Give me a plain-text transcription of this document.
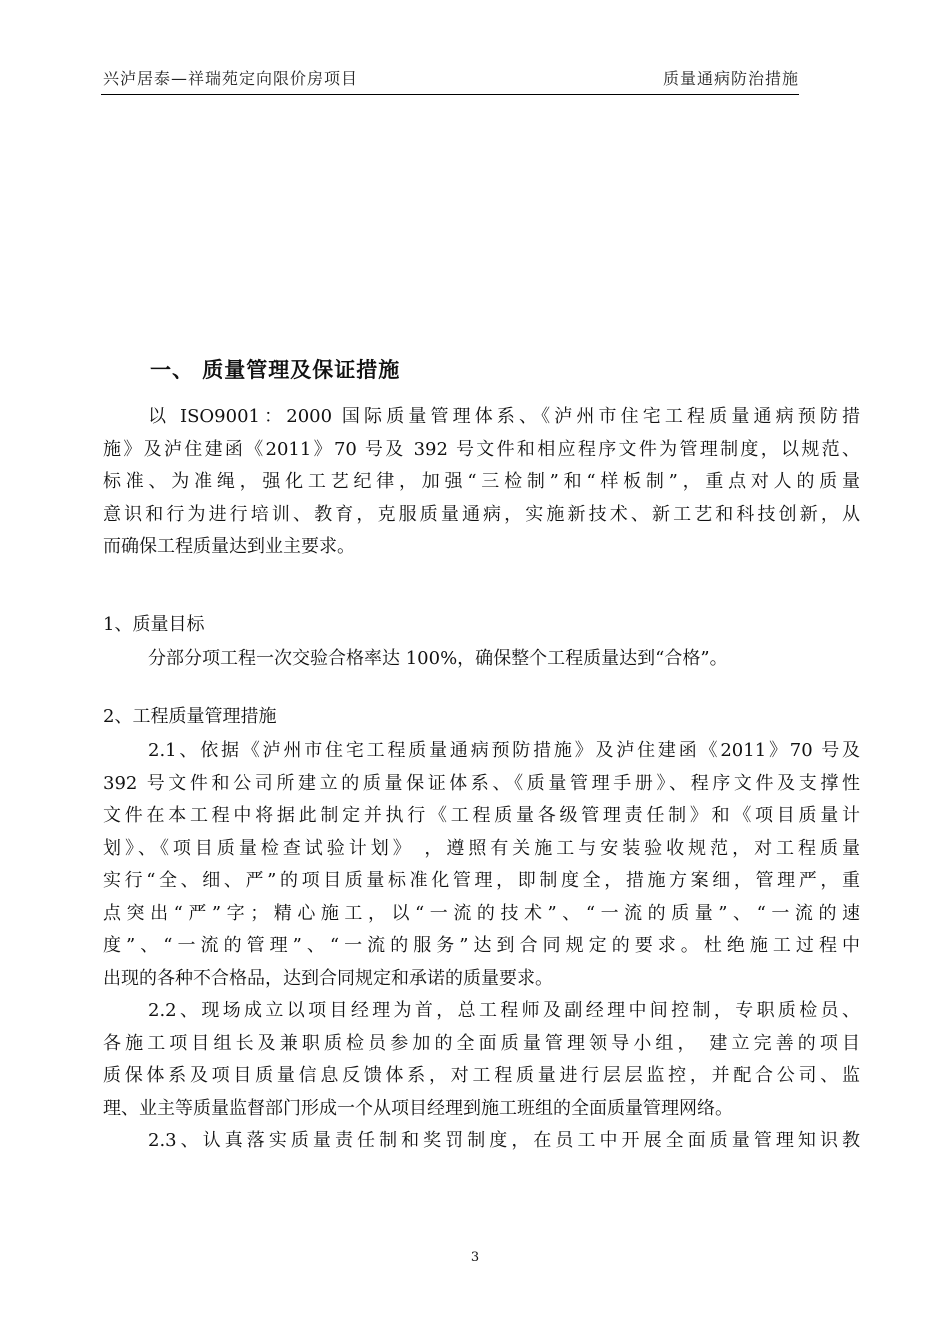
兴泸居泰—祥瑞苑定向限价房项目	质量通病防治措施
一、 质量管理及保证措施
以 ISO9001：2000 国际质量管理体系、《泸州市住宅工程质量通病预防措
施》及泸住建函《2011》70 号及 392 号文件和相应程序文件为管理制度，以规范、
标准、为准绳，强化工艺纪律，加强“三检制”和“样板制”，重点对人的质量
意识和行为进行培训、教育，克服质量通病，实施新技术、新工艺和科技创新，从
而确保工程质量达到业主要求。
1、质量目标
分部分项工程一次交验合格率达 100%，确保整个工程质量达到“合格”。
2、工程质量管理措施
2.1、依据《泸州市住宅工程质量通病预防措施》及泸住建函《2011》70 号及
392 号文件和公司所建立的质量保证体系、《质量管理手册》、程序文件及支撑性
文件在本工程中将据此制定并执行《工程质量各级管理责任制》和《项目质量计
划》、《项目质量检查试验计划》 ，遵照有关施工与安装验收规范，对工程质量
实行“全、细、严”的项目质量标准化管理，即制度全，措施方案细，管理严，重
点突出“严”字；精心施工，以“一流的技术”、“一流的质量”、“一流的速
度”、“一流的管理”、“一流的服务”达到合同规定的要求。杜绝施工过程中
出现的各种不合格品，达到合同规定和承诺的质量要求。
2.2、现场成立以项目经理为首，总工程师及副经理中间控制，专职质检员、
各施工项目组长及兼职质检员参加的全面质量管理领导小组， 建立完善的项目
质保体系及项目质量信息反馈体系，对工程质量进行层层监控，并配合公司、监
理、业主等质量监督部门形成一个从项目经理到施工班组的全面质量管理网络。
2.3、认真落实质量责任制和奖罚制度，在员工中开展全面质量管理知识教
3
